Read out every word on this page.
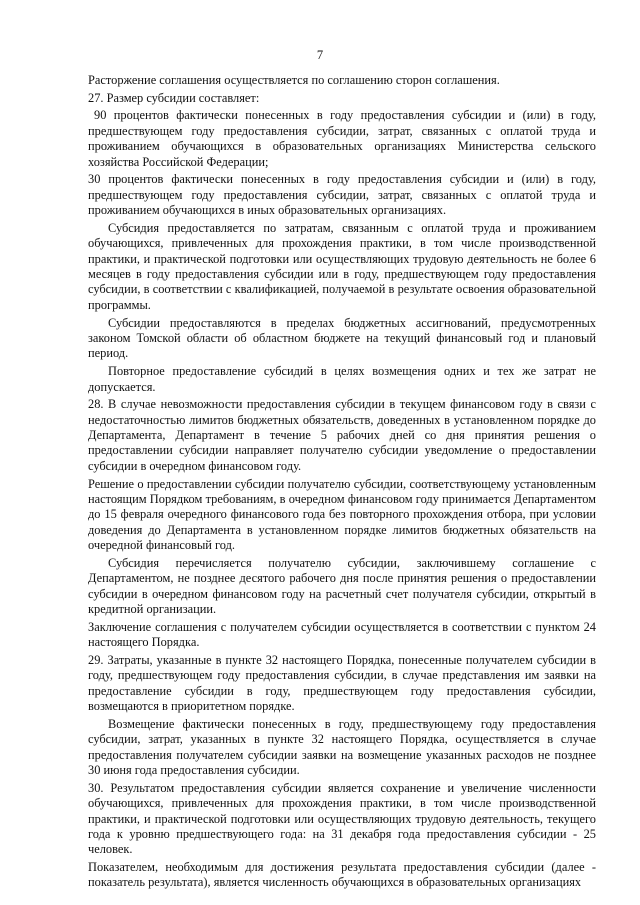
7

Расторжение соглашения осуществляется по соглашению сторон соглашения.

27. Размер субсидии составляет:

90 процентов фактически понесенных в году предоставления субсидии и (или) в году, предшествующем году предоставления субсидии, затрат, связанных с оплатой труда и проживанием обучающихся в образовательных организациях Министерства сельского хозяйства Российской Федерации;

30 процентов фактически понесенных в году предоставления субсидии и (или) в году, предшествующем году предоставления субсидии, затрат, связанных с оплатой труда и проживанием обучающихся в иных образовательных организациях.

Субсидия предоставляется по затратам, связанным с оплатой труда и проживанием обучающихся, привлеченных для прохождения практики, в том числе производственной практики, и практической подготовки или осуществляющих трудовую деятельность не более 6 месяцев в году предоставления субсидии или в году, предшествующем году предоставления субсидии, в соответствии с квалификацией, получаемой в результате освоения образовательной программы.

Субсидии предоставляются в пределах бюджетных ассигнований, предусмотренных законом Томской области об областном бюджете на текущий финансовый год и плановый период.

Повторное предоставление субсидий в целях возмещения одних и тех же затрат не допускается.

28. В случае невозможности предоставления субсидии в текущем финансовом году в связи с недостаточностью лимитов бюджетных обязательств, доведенных в установленном порядке до Департамента, Департамент в течение 5 рабочих дней со дня принятия решения о предоставлении субсидии направляет получателю субсидии уведомление о предоставлении субсидии в очередном финансовом году.

Решение о предоставлении субсидии получателю субсидии, соответствующему установленным настоящим Порядком требованиям, в очередном финансовом году принимается Департаментом до 15 февраля очередного финансового года без повторного прохождения отбора, при условии доведения до Департамента в установленном порядке лимитов бюджетных обязательств на очередной финансовый год.

Субсидия перечисляется получателю субсидии, заключившему соглашение с Департаментом, не позднее десятого рабочего дня после принятия решения о предоставлении субсидии в очередном финансовом году на расчетный счет получателя субсидии, открытый в кредитной организации.

Заключение соглашения с получателем субсидии осуществляется в соответствии с пунктом 24 настоящего Порядка.

29. Затраты, указанные в пункте 32 настоящего Порядка, понесенные получателем субсидии в году, предшествующем году предоставления субсидии, в случае представления им заявки на предоставление субсидии в году, предшествующем году предоставления субсидии, возмещаются в приоритетном порядке.

Возмещение фактически понесенных в году, предшествующему году предоставления субсидии, затрат, указанных в пункте 32 настоящего Порядка, осуществляется в случае предоставления получателем субсидии заявки на возмещение указанных расходов не позднее 30 июня года предоставления субсидии.

30. Результатом предоставления субсидии является сохранение и увеличение численности обучающихся, привлеченных для прохождения практики, в том числе производственной практики, и практической подготовки или осуществляющих трудовую деятельность, текущего года к уровню предшествующего года: на 31 декабря года предоставления субсидии - 25 человек.

Показателем, необходимым для достижения результата предоставления субсидии (далее - показатель результата), является численность обучающихся в образовательных организациях
